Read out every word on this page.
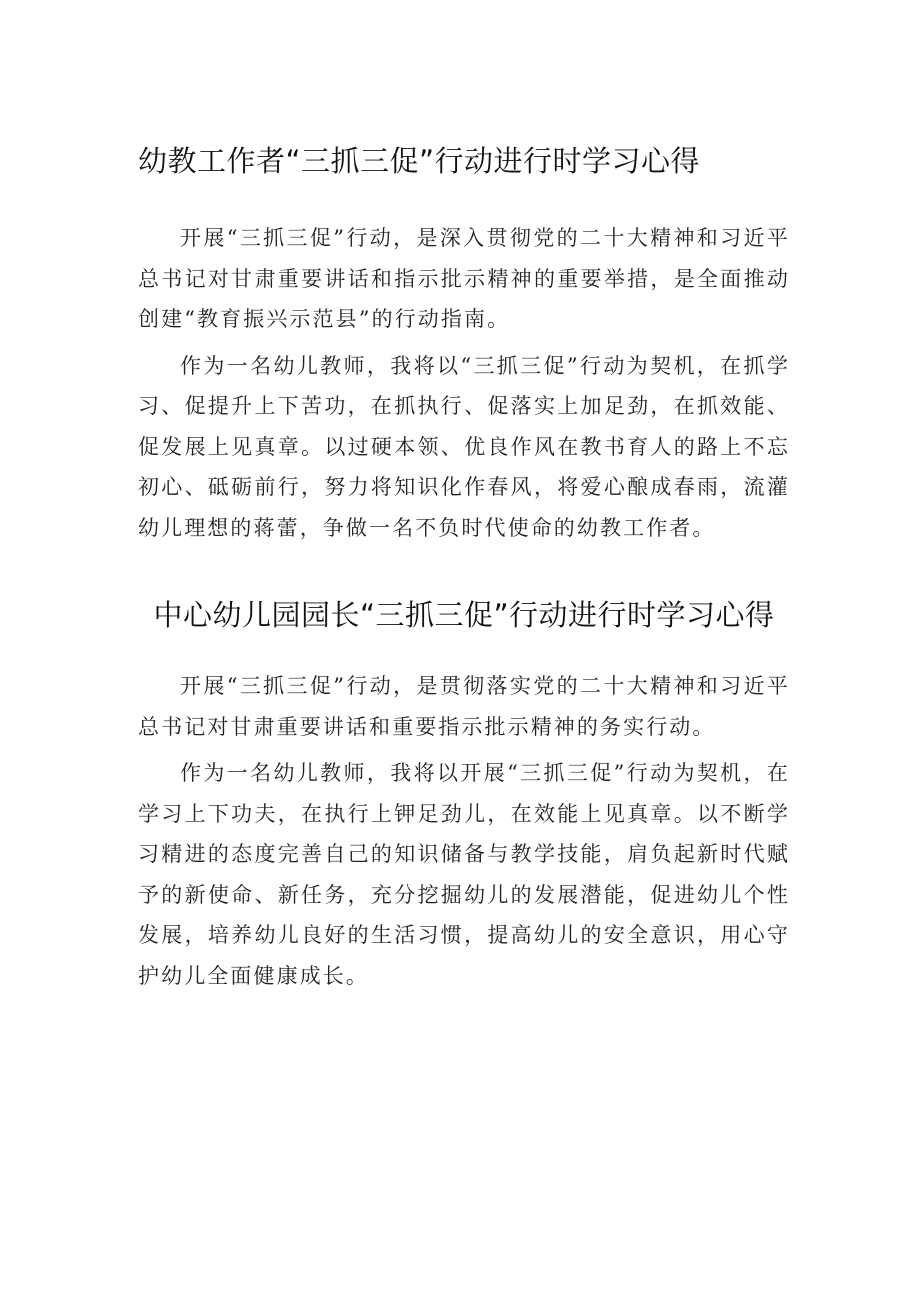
幼教工作者“三抓三促”行动进行时学习心得

开展“三抓三促”行动，是深入贯彻党的二十大精神和习近平总书记对甘肃重要讲话和指示批示精神的重要举措，是全面推动创建“教育振兴示范县”的行动指南。

作为一名幼儿教师，我将以“三抓三促”行动为契机，在抓学习、促提升上下苦功，在抓执行、促落实上加足劲，在抓效能、促发展上见真章。以过硬本领、优良作风在教书育人的路上不忘初心、砥砺前行，努力将知识化作春风，将爱心酿成春雨，流灌幼儿理想的蒋蕾，争做一名不负时代使命的幼教工作者。

中心幼儿园园长“三抓三促”行动进行时学习心得

开展“三抓三促”行动，是贯彻落实党的二十大精神和习近平总书记对甘肃重要讲话和重要指示批示精神的务实行动。

作为一名幼儿教师，我将以开展“三抓三促”行动为契机，在学习上下功夫，在执行上钾足劲儿，在效能上见真章。以不断学习精进的态度完善自己的知识储备与教学技能，肩负起新时代赋予的新使命、新任务，充分挖掘幼儿的发展潜能，促进幼儿个性发展，培养幼儿良好的生活习惯，提高幼儿的安全意识，用心守护幼儿全面健康成长。
